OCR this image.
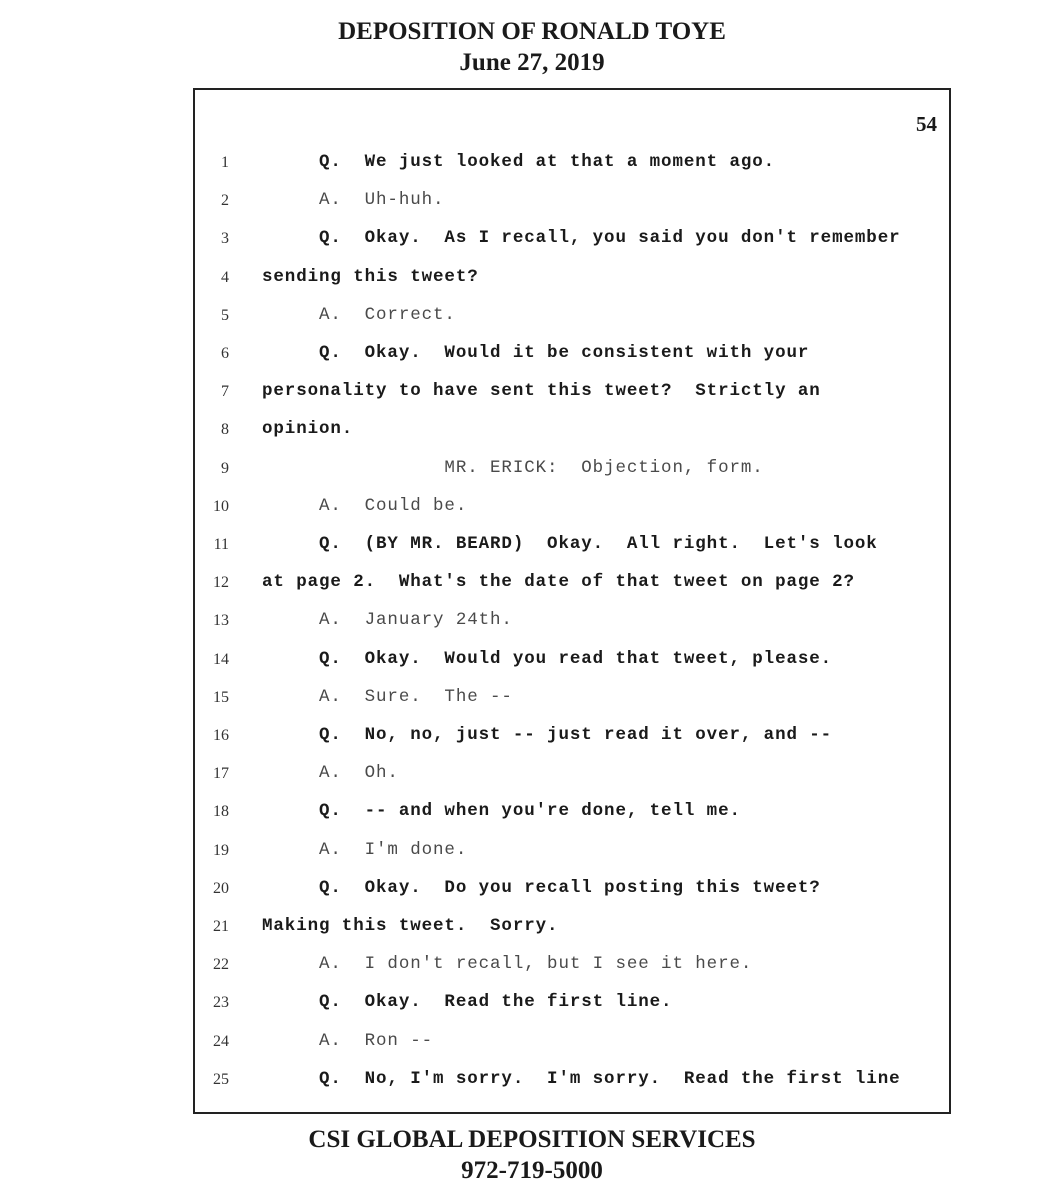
DEPOSITION OF RONALD TOYE
June 27, 2019
54
1 Q.  We just looked at that a moment ago.
2 A.  Uh-huh.
3 Q.  Okay.  As I recall, you said you don't remember
4 sending this tweet?
5 A.  Correct.
6 Q.  Okay.  Would it be consistent with your
7 personality to have sent this tweet?  Strictly an
8 opinion.
9 MR. ERICK:  Objection, form.
10 A.  Could be.
11 Q.  (BY MR. BEARD)  Okay.  All right.  Let's look
12 at page 2.  What's the date of that tweet on page 2?
13 A.  January 24th.
14 Q.  Okay.  Would you read that tweet, please.
15 A.  Sure.  The --
16 Q.  No, no, just -- just read it over, and --
17 A.  Oh.
18 Q.  -- and when you're done, tell me.
19 A.  I'm done.
20 Q.  Okay.  Do you recall posting this tweet?
21 Making this tweet.  Sorry.
22 A.  I don't recall, but I see it here.
23 Q.  Okay.  Read the first line.
24 A.  Ron --
25 Q.  No, I'm sorry.  I'm sorry.  Read the first line
CSI GLOBAL DEPOSITION SERVICES
972-719-5000
